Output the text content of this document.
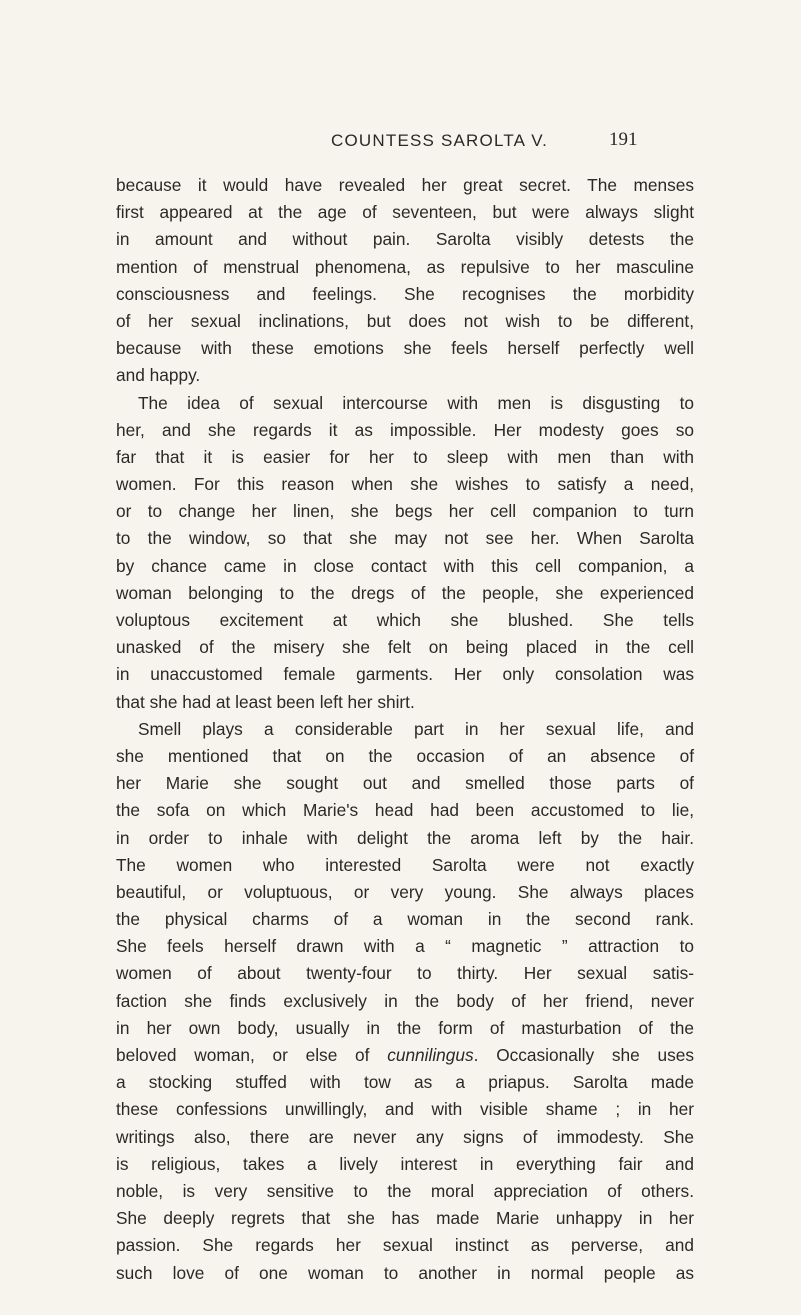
COUNTESS SAROLTA V.	191
because it would have revealed her great secret. The menses
first appeared at the age of seventeen, but were always slight
in amount and without pain. Sarolta visibly detests the
mention of menstrual phenomena, as repulsive to her masculine
consciousness and feelings. She recognises the morbidity
of her sexual inclinations, but does not wish to be different,
because with these emotions she feels herself perfectly well
and happy.
The idea of sexual intercourse with men is disgusting to
her, and she regards it as impossible. Her modesty goes so
far that it is easier for her to sleep with men than with
women. For this reason when she wishes to satisfy a need,
or to change her linen, she begs her cell companion to turn
to the window, so that she may not see her. When Sarolta
by chance came in close contact with this cell companion, a
woman belonging to the dregs of the people, she experienced
voluptous excitement at which she blushed. She tells
unasked of the misery she felt on being placed in the cell
in unaccustomed female garments. Her only consolation was
that she had at least been left her shirt.
Smell plays a considerable part in her sexual life, and
she mentioned that on the occasion of an absence of
her Marie she sought out and smelled those parts of
the sofa on which Marie's head had been accustomed to lie,
in order to inhale with delight the aroma left by the hair.
The women who interested Sarolta were not exactly
beautiful, or voluptuous, or very young. She always places
the physical charms of a woman in the second rank.
She feels herself drawn with a “ magnetic ” attraction to
women of about twenty-four to thirty. Her sexual satis-
faction she finds exclusively in the body of her friend, never
in her own body, usually in the form of masturbation of the
beloved woman, or else of cunnilingus. Occasionally she uses
a stocking stuffed with tow as a priapus. Sarolta made
these confessions unwillingly, and with visible shame ; in her
writings also, there are never any signs of immodesty. She
is religious, takes a lively interest in everything fair and
noble, is very sensitive to the moral appreciation of others.
She deeply regrets that she has made Marie unhappy in her
passion. She regards her sexual instinct as perverse, and
such love of one woman to another in normal people as
